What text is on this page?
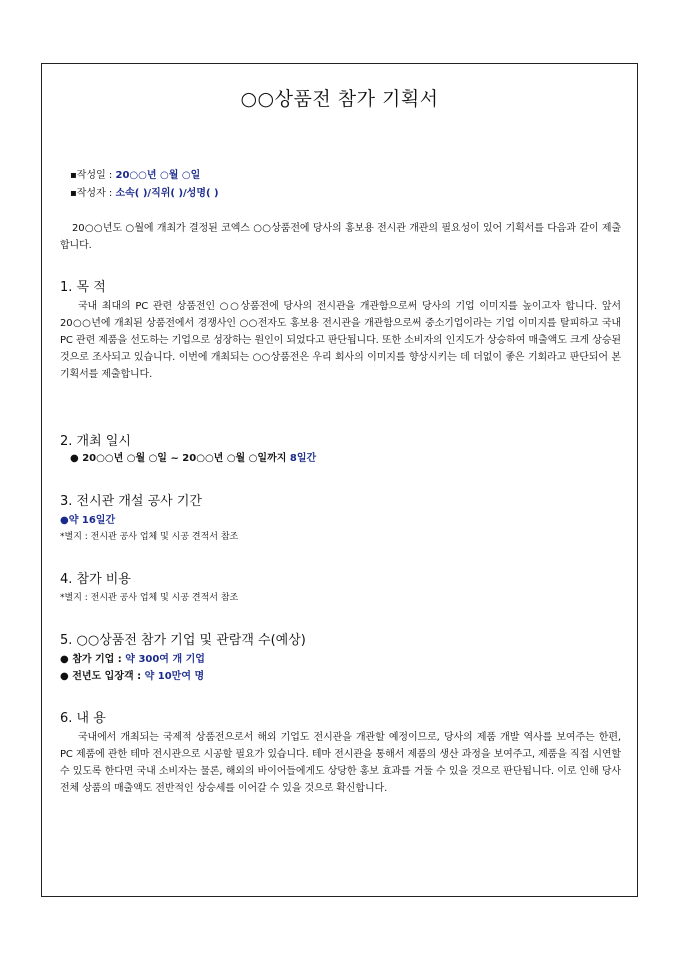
○○상품전 참가 기획서
▪작성일 : 20○○년 ○월 ○일
▪작성자 : 소속( )/직위( )/성명( )
20○○년도 ○월에 개최가 결정된 코엑스 ○○상품전에 당사의 홍보용 전시관 개관의 필요성이 있어 기획서를 다음과 같이 제출합니다.
1. 목 적
국내 최대의 PC 관련 상품전인 ○○상품전에 당사의 전시관을 개관함으로써 당사의 기업 이미지를 높이고자 합니다. 앞서 20○○년에 개최된 상품전에서 경쟁사인 ○○전자도 홍보용 전시관을 개관함으로써 중소기업이라는 기업 이미지를 탈피하고 국내 PC 관련 제품을 선도하는 기업으로 성장하는 원인이 되었다고 판단됩니다. 또한 소비자의 인지도가 상승하여 매출액도 크게 상승된 것으로 조사되고 있습니다. 이번에 개최되는 ○○상품전은 우리 회사의 이미지를 향상시키는 데 더없이 좋은 기회라고 판단되어 본 기획서를 제출합니다.
2. 개최 일시
● 20○○년 ○월 ○일 ~ 20○○년 ○월 ○일까지 8일간
3. 전시관 개설 공사 기간
●약 16일간
*별지 : 전시관 공사 업체 및 시공 견적서 참조
4. 참가 비용
*별지 : 전시관 공사 업체 및 시공 견적서 참조
5. ○○상품전 참가 기업 및 관람객 수(예상)
● 참가 기업 : 약 300여 개 기업
● 전년도 입장객 : 약 10만여 명
6. 내 용
국내에서 개최되는 국제적 상품전으로서 해외 기업도 전시관을 개관할 예정이므로, 당사의 제품 개발 역사를 보여주는 한편, PC 제품에 관한 테마 전시관으로 시공할 필요가 있습니다. 테마 전시관을 통해서 제품의 생산 과정을 보여주고, 제품을 직접 시연할 수 있도록 한다면 국내 소비자는 물론, 해외의 바이어들에게도 상당한 홍보 효과를 거둘 수 있을 것으로 판단됩니다. 이로 인해 당사 전체 상품의 매출액도 전반적인 상승세를 이어갈 수 있을 것으로 확신합니다.
